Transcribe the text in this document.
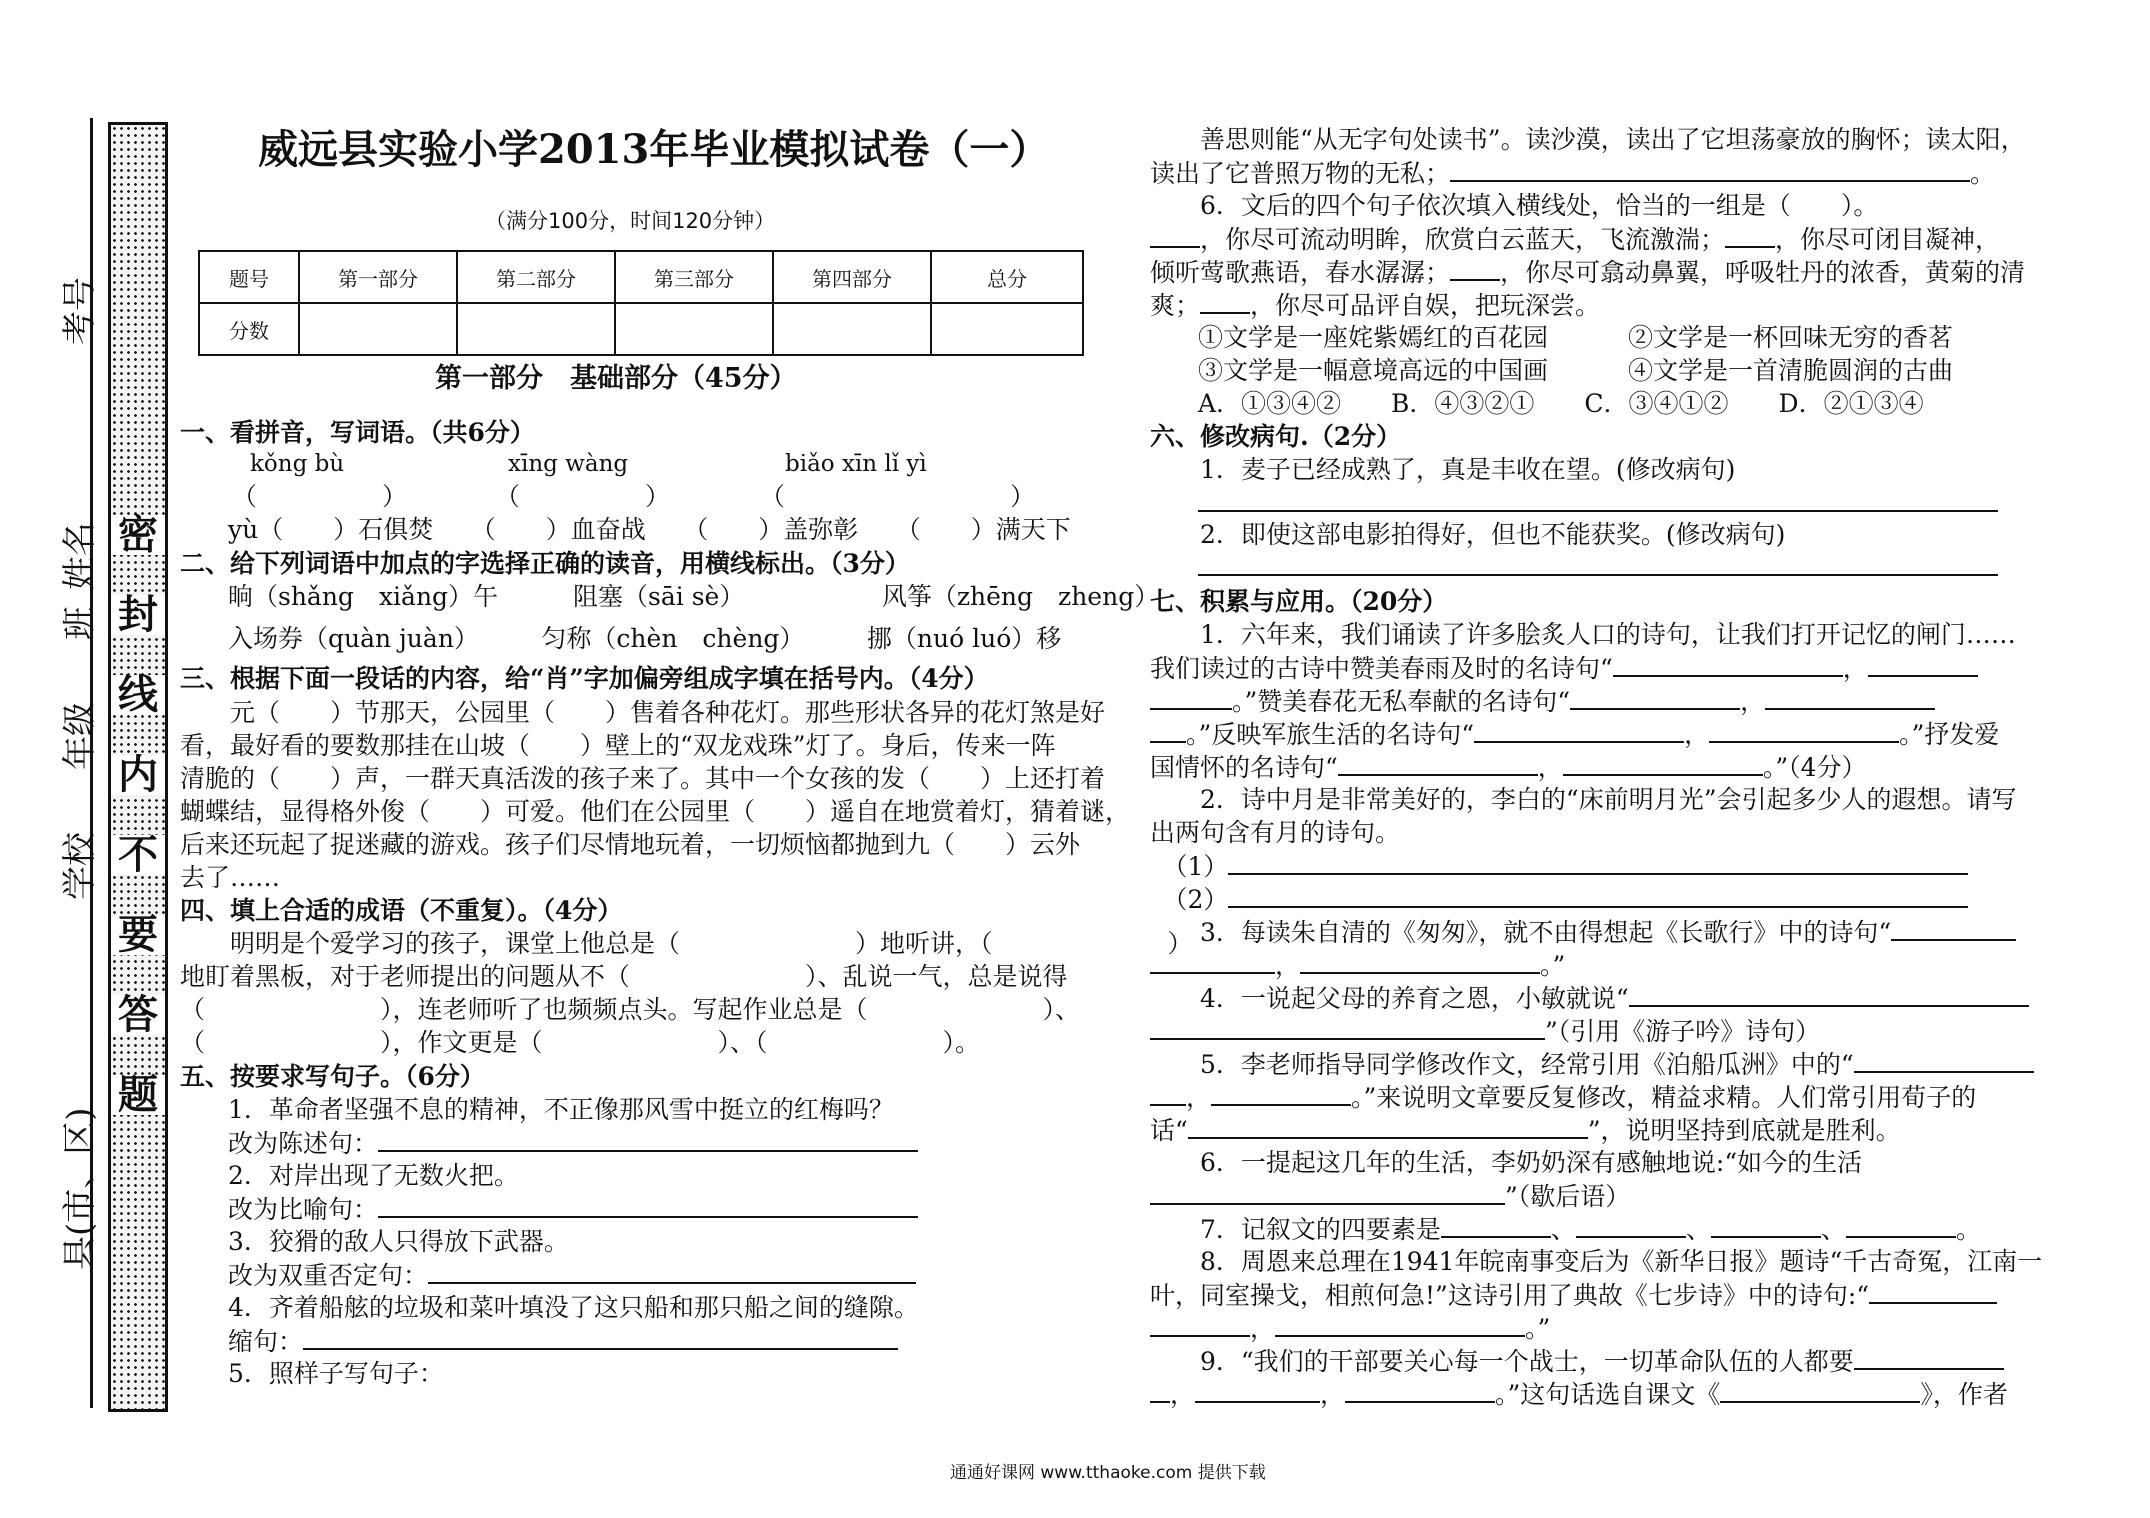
密
封
线
内
不
要
答
题
县(市、区)
学校
年级
班
姓名
考号
威远县实验小学2013年毕业模拟试卷（一）
（满分100分，时间120分钟）
题号	第一部分	第二部分	第三部分	第四部分	总分
分数					
第一部分　基础部分（45分）
一、看拼音，写词语。（共6分）
kǒng bù	xīng wàng	biǎo xīn lǐ yì
（　　　　　）	（　　　　　）	（　　　　　　　　　）
yù（　　）石俱焚　　（　　）血奋战　　（　　）盖弥彰　　（　　）满天下
二、给下列词语中加点的字选择正确的读音，用横线标出。（3分）
晌（shǎng　xiǎng）午　　　阻塞（sāi sè）　　　　　　风筝（zhēng　zheng）
入场券（quàn juàn）　　　匀称（chèn　chèng）　　　挪（nuó luó）移
三、根据下面一段话的内容，给“肖”字加偏旁组成字填在括号内。（4分）
　　元（　　）节那天，公园里（　　）售着各种花灯。那些形状各异的花灯煞是好
看，最好看的要数那挂在山坡（　　）壁上的“双龙戏珠”灯了。身后，传来一阵
清脆的（　　）声，一群天真活泼的孩子来了。其中一个女孩的发（　　）上还打着
蝴蝶结，显得格外俊（　　）可爱。他们在公园里（　　）遥自在地赏着灯，猜着谜，
后来还玩起了捉迷藏的游戏。孩子们尽情地玩着，一切烦恼都抛到九（　　）云外
去了……
四、填上合适的成语（不重复）。（4分）
　　明明是个爱学习的孩子，课堂上他总是（　　　　　　　）地听讲，（　　　　　　　）
地盯着黑板，对于老师提出的问题从不（　　　　　　　）、乱说一气，总是说得
（　　　　　　　），连老师听了也频频点头。写起作业总是（　　　　　　　）、
（　　　　　　　），作文更是（　　　　　　　）、（　　　　　　　）。
五、按要求写句子。（6分）
1．革命者坚强不息的精神，不正像那风雪中挺立的红梅吗？
改为陈述句：
2．对岸出现了无数火把。
改为比喻句：
3．狡猾的敌人只得放下武器。
改为双重否定句：
4．齐着船舷的垃圾和菜叶填没了这只船和那只船之间的缝隙。
缩句：
5．照样子写句子：
　　善思则能“从无字句处读书”。读沙漠，读出了它坦荡豪放的胸怀；读太阳，
读出了它普照万物的无私；	。
　　6．文后的四个句子依次填入横线处，恰当的一组是（　　）。
，你尽可流动明眸，欣赏白云蓝天，飞流激湍； ，你尽可闭目凝神，
倾听莺歌燕语，春水潺潺； ，你尽可翕动鼻翼，呼吸牡丹的浓香，黄菊的清
爽； ，你尽可品评自娱，把玩深尝。
①文学是一座姹紫嫣红的百花园	②文学是一杯回味无穷的香茗
③文学是一幅意境高远的中国画	④文学是一首清脆圆润的古曲
A．①③④②　　B．④③②①　　C．③④①②　　D．②①③④
六、修改病句.（2分）
　　1．麦子已经成熟了，真是丰收在望。(修改病句)
　　2．即使这部电影拍得好，但也不能获奖。(修改病句)
七、积累与应用。（20分）
　　1．六年来，我们诵读了许多脍炙人口的诗句，让我们打开记忆的闸门……
我们读过的古诗中赞美春雨及时的名诗句“	，
。”赞美春花无私奉献的名诗句“	，
。”反映军旅生活的名诗句“	，	。”抒发爱
国情怀的名诗句“	，	。”（4分）
　　2．诗中月是非常美好的，李白的“床前明月光”会引起多少人的遐想。请写
出两句含有月的诗句。
　（1）
　（2）
　　3．每读朱自清的《匆匆》，就不由得想起《长歌行》中的诗句“
，	。”
　　4．一说起父母的养育之恩，小敏就说“
”（引用《游子吟》诗句）
　　5．李老师指导同学修改作文，经常引用《泊船瓜洲》中的“
，	。”来说明文章要反复修改，精益求精。人们常引用荀子的
话“	”，说明坚持到底就是胜利。
　　6．一提起这几年的生活，李奶奶深有感触地说:“如今的生活
”（歇后语）
　　7．记叙文的四要素是	、	、	、	。
　　8．周恩来总理在1941年皖南事变后为《新华日报》题诗“千古奇冤，江南一
叶，同室操戈，相煎何急!”这诗引用了典故《七步诗》中的诗句:“
，	。”
　　9．“我们的干部要关心每一个战士，一切革命队伍的人都要
，	，	。”这句话选自课文《	》，作者
通通好课网 www.tthaoke.com 提供下载
